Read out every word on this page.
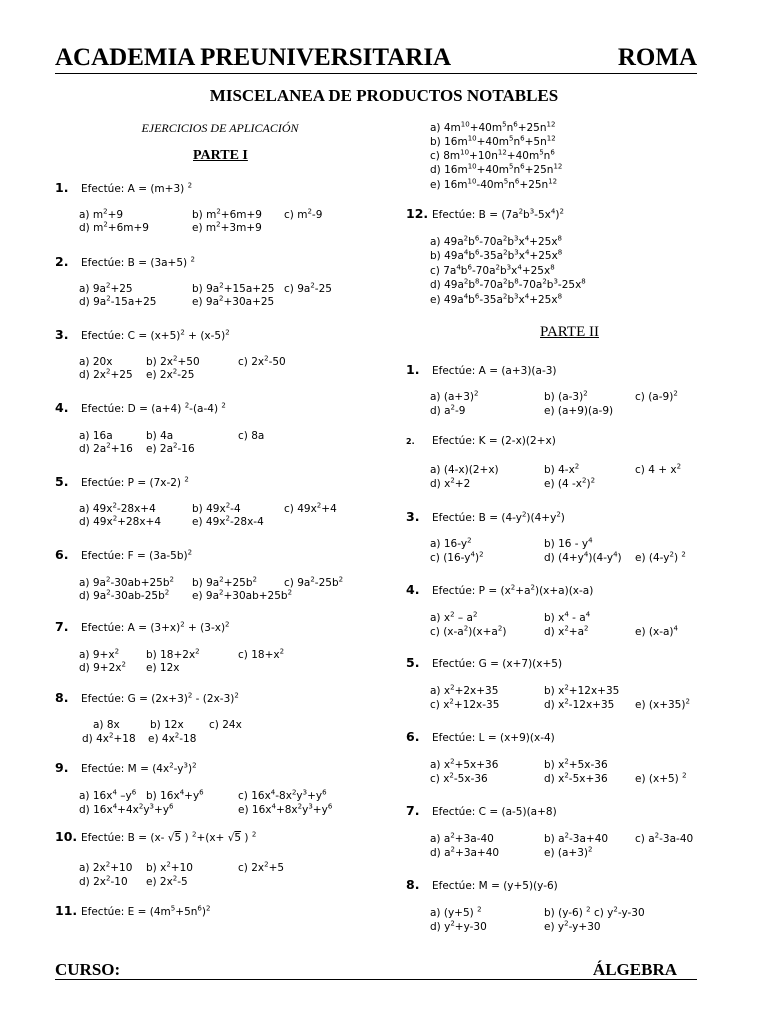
ACADEMIA PREUNIVERSITARIA	ROMA
MISCELANEA DE PRODUCTOS NOTABLES
EJERCICIOS DE APLICACIÓN
PARTE I
1. Efectúe: A = (m+3) $^2$
a) $m^2+9$	b) $m^2+6m+9$ c) $m^2-9$
d) $m^2+6m+9$	e) $m^2+3m+9$
2. Efectúe: B = (3a+5) $^2$
a) $9a^2+25$	b) $9a^2+15a+25$ c) $9a^2-25$
d) $9a^2-15a+25$	e) $9a^2+30a+25$
3. Efectúe: $C = (x+5)^2 + (x-5)^2$
a) 20x	b) $2x^2+50$	c) $2x^2-50$
d) $2x^2+25$ e) $2x^2-25$
4. Efectúe: D = (a+4) $^2$-(a-4) $^2$
a) 16a	b) 4a	c) 8a
d) $2a^2+16$ e) $2a^2-16$
5. Efectúe: P = (7x-2) $^2$
a) $49x^2-28x+4$	b) $49x^2-4$	c) $49x^2+4$
d) $49x^2+28x+4$	e) $49x^2-28x-4$
6. Efectúe: $F = (3a-5b)^2$
a) $9a^2-30ab+25b^2$ b) $9a^2+25b^2$	c) $9a^2-25b^2$
d) $9a^2-30ab-25b^2$ e) $9a^2+30ab+25b^2$
7. Efectúe: $A = (3+x)^2 + (3-x)^2$
a) $9+x^2$	b) $18+2x^2$	c) $18+x^2$
d) $9+2x^2$ e) 12x
8. Efectúe: $G = (2x+3)^2 - (2x-3)^2$
a) 8x	b) 12x c) 24x
d) $4x^2+18$ e) $4x^2-18$
9. Efectúe: $M = (4x^2-y^3)^2$
a) $16x^4$ $-y^6$ b) $16x^4+y^6$	c) $16x^4-8x^2y^3+y^6$
d) $16x^4+4x^2y^3+y^6$	e) $16x^4+8x^2y^3+y^6$
10. Efectúe: B = (x- √5 ) $^2$+(x+ √5 ) $^2$
a) $2x^2+10$ b) $x^2+10$	c) $2x^2+5$
d) $2x^2-10$ e) $2x^2-5$
11. Efectúe: $E = (4m^5+5n^6)^2$
a) $4m^{10}+40m^5n^6+25n^{12}$
b) $16m^{10}+40m^5n^6+5n^{12}$
c) $8m^{10}+10n^{12}+40m^5n^6$
d) $16m^{10}+40m^5n^6+25n^{12}$
e) $16m^{10}-40m^5n^6+25n^{12}$
12. Efectúe: $B = (7a^2b^3-5x^4)^2$
a) $49a^2b^6-70a^2b^3x^4+25x^8$
b) $49a^4b^6-35a^2b^3x^4+25x^8$
c) $7a^4b^6-70a^2b^3x^4+25x^8$
d) $49a^2b^8-70a^2b^8-70a^2b^3-25x^8$
e) $49a^4b^6-35a^2b^3x^4+25x^8$
PARTE II
1. Efectúe: A = (a+3)(a-3)
a) $(a+3)^2$	b) $(a-3)^2$	c) $(a-9)^2$
d) $a^2-9$	e) (a+9)(a-9)
2. Efectúe: K = (2-x)(2+x)
a) (4-x)(2+x)	b) $4-x^2$	c) $4 + x^2$
d) $x^2+2$	e) (4 $-x^2)^2$
3. Efectúe: $B = (4-y^2)(4+y^2)$
a) $16-y^2$	b) $16 - y^4$
c) $(16-y^4)^2$	d) $(4+y^4)(4-y^4)$ e) $(4-y^2)$ $^2$
4. Efectúe: $P = (x^2+a^2)(x+a)(x-a)$
a) $x^2 - a^2$	b) $x^4 - a^4$
c) $(x-a^2)(x+a^2)$	d) $x^2+a^2$	e) $(x-a)^4$
5. Efectúe: G = (x+7)(x+5)
a) $x^2+2x+35$	b) $x^2+12x+35$
c) $x^2+12x-35$	d) $x^2-12x+35$ e) $(x+35)^2$
6. Efectúe: L = (x+9)(x-4)
a) $x^2+5x+36$	b) $x^2+5x-36$
c) $x^2-5x-36$	d) $x^2-5x+36$	e) (x+5) $^2$
7. Efectúe: C = (a-5)(a+8)
a) $a^2+3a-40$	b) $a^2-3a+40$	c) $a^2-3a-40$
d) $a^2+3a+40$	e) $(a+3)^2$
8. Efectúe: M = (y+5)(y-6)
a) (y+5) $^2$	b) (y-6) $^2$ c) $y^2-y-30$
d) $y^2+y-30$	e) $y^2-y+30$
CURSO:	ÁLGEBRA
